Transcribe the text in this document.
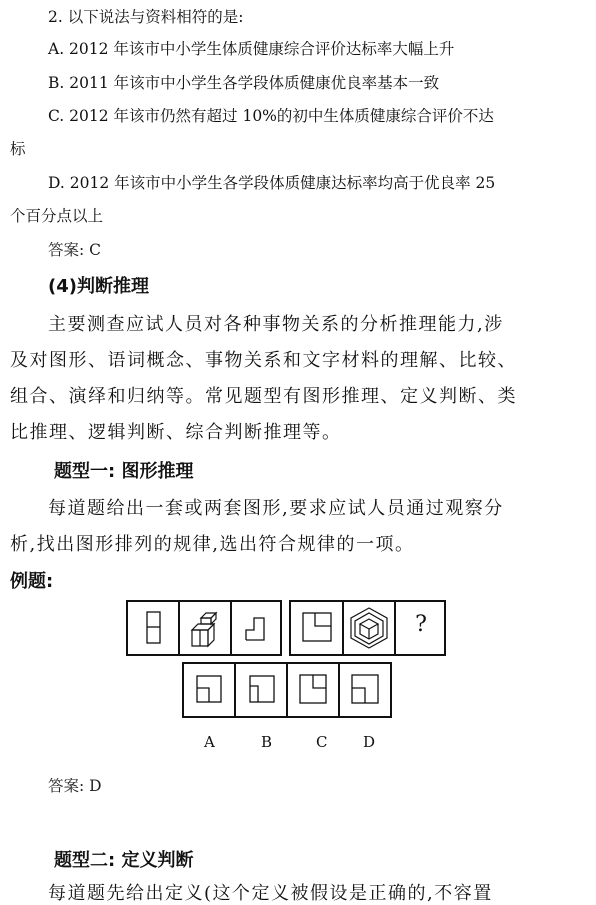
2. 以下说法与资料相符的是:
A. 2012 年该市中小学生体质健康综合评价达标率大幅上升
B. 2011 年该市中小学生各学段体质健康优良率基本一致
C. 2012 年该市仍然有超过 10%的初中生体质健康综合评价不达
标
D. 2012 年该市中小学生各学段体质健康达标率均高于优良率 25
个百分点以上
答案: C
(4)判断推理
主要测查应试人员对各种事物关系的分析推理能力,涉
及对图形、语词概念、事物关系和文字材料的理解、比较、
组合、演绎和归纳等。常见题型有图形推理、定义判断、类
比推理、逻辑判断、综合判断推理等。
题型一: 图形推理
每道题给出一套或两套图形,要求应试人员通过观察分
析,找出图形排列的规律,选出符合规律的一项。
例题:
?
A	B	C D
答案: D
题型二: 定义判断
每道题先给出定义(这个定义被假设是正确的,不容置
